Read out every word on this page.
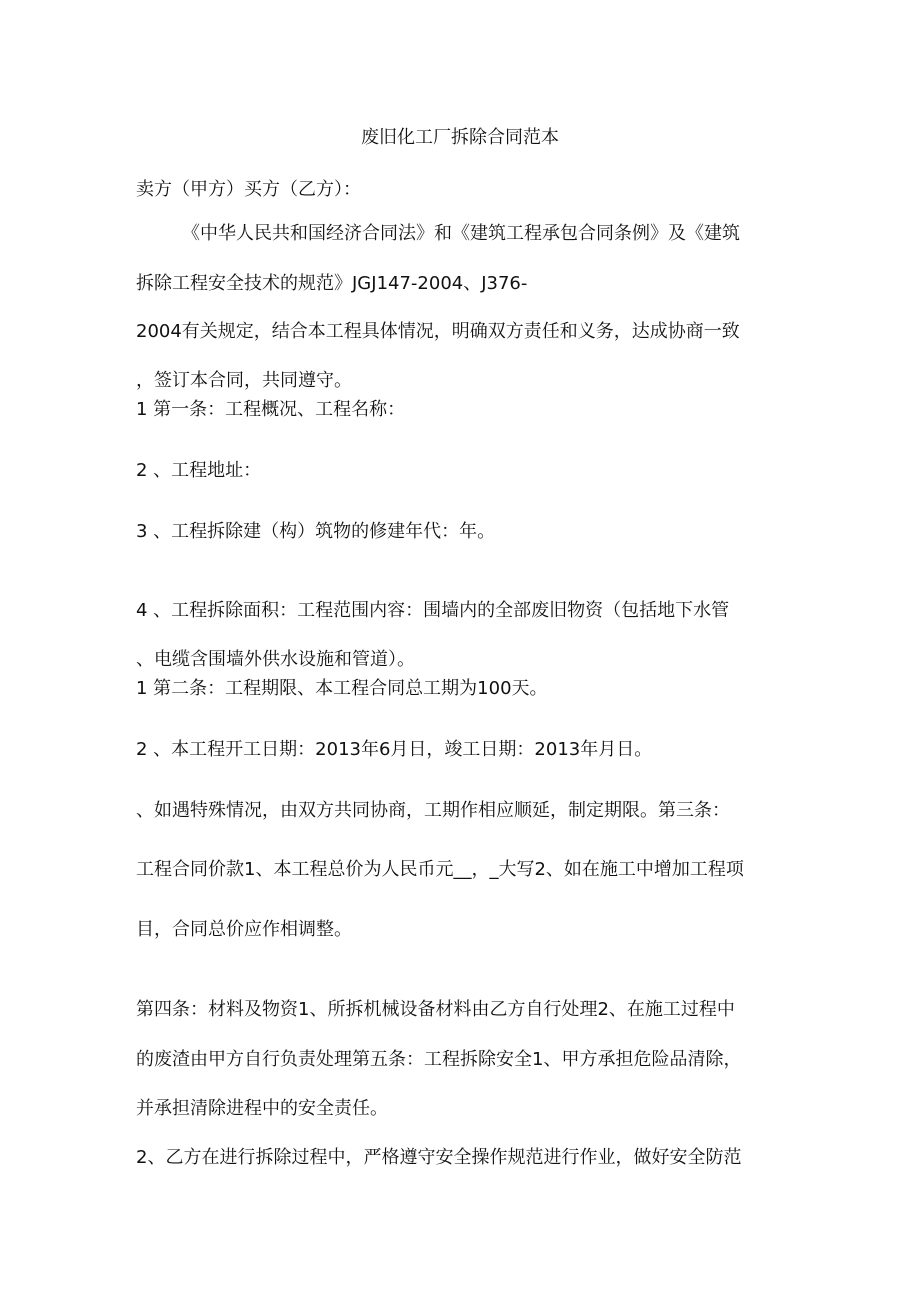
废旧化工厂拆除合同范本

卖方（甲方）买方（乙方）：

《中华人民共和国经济合同法》和《建筑工程承包合同条例》及《建筑

拆除工程安全技术的规范》JGJ147-2004、J376-

2004有关规定，结合本工程具体情况，明确双方责任和义务，达成协商一致

，签订本合同，共同遵守。

1 第一条：工程概况、工程名称：

2 、工程地址：

3 、工程拆除建（构）筑物的修建年代：年。

4 、工程拆除面积：工程范围内容：围墙内的全部废旧物资（包括地下水管

、电缆含围墙外供水设施和管道）。

1 第二条：工程期限、本工程合同总工期为100天。

2 、本工程开工日期：2013年6月日，竣工日期：2013年月日。

、如遇特殊情况，由双方共同协商，工期作相应顺延，制定期限。第三条：

工程合同价款1、本工程总价为人民币元__，_大写2、如在施工中增加工程项

目，合同总价应作相调整。

第四条：材料及物资1、所拆机械设备材料由乙方自行处理2、在施工过程中

的废渣由甲方自行负责处理第五条：工程拆除安全1、甲方承担危险品清除，

并承担清除进程中的安全责任。

2、乙方在进行拆除过程中，严格遵守安全操作规范进行作业，做好安全防范
